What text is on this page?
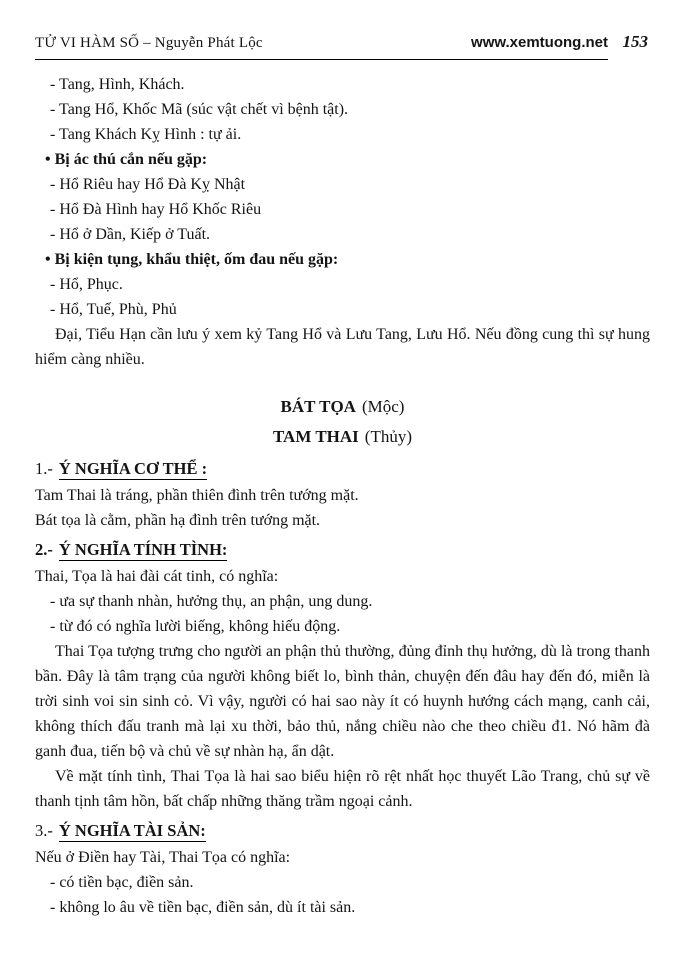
TỬ VI HÀM SỐ – Nguyễn Phát Lộc	www.xemtuong.net 153

- Tang, Hình, Khách.

- Tang Hổ, Khốc Mã (súc vật chết vì bệnh tật).

- Tang Khách Kỵ Hình : tự ải.

• Bị ác thú cắn nếu gặp:

- Hổ Riêu hay Hổ Đà Kỵ Nhật

- Hổ Đà Hình hay Hổ Khốc Riêu

- Hổ ở Dần, Kiếp ở Tuất.

• Bị kiện tụng, khẩu thiệt, ốm đau nếu gặp:

- Hổ, Phục.

- Hổ, Tuế, Phù, Phủ

Đại, Tiểu Hạn cần lưu ý xem kỷ Tang Hổ và Lưu Tang, Lưu Hổ. Nếu đồng cung thì sự hung hiểm càng nhiều.

BÁT TỌA (Mộc)

TAM THAI (Thủy)

1.- Ý NGHĨA CƠ THỂ :

Tam Thai là tráng, phần thiên đình trên tướng mặt.

Bát tọa là cằm, phần hạ đình trên tướng mặt.

2.- Ý NGHĨA TÍNH TÌNH:

Thai, Tọa là hai đài cát tinh, có nghĩa:

- ưa sự thanh nhàn, hưởng thụ, an phận, ung dung.

- từ đó có nghĩa lười biếng, không hiếu động.

Thai Tọa tượng trưng cho người an phận thủ thường, đủng đỉnh thụ hưởng, dù là trong thanh bần. Đây là tâm trạng của người không biết lo, bình thản, chuyện đến đâu hay đến đó, miễn là trời sinh voi sin sinh cỏ. Vì vậy, người có hai sao này ít có huynh hướng cách mạng, canh cải, không thích đấu tranh mà lại xu thời, bảo thủ, nắng chiều nào che theo chiều đ1. Nó hãm đà ganh đua, tiến bộ và chủ về sự nhàn hạ, ẩn dật.

Về mặt tính tình, Thai Tọa là hai sao biểu hiện rõ rệt nhất học thuyết Lão Trang, chủ sự về thanh tịnh tâm hồn, bất chấp những thăng trầm ngoại cảnh.

3.- Ý NGHĨA TÀI SẢN:

Nếu ở Điền hay Tài, Thai Tọa có nghĩa:

- có tiền bạc, điền sản.

- không lo âu về tiền bạc, điền sản, dù ít tài sản.
